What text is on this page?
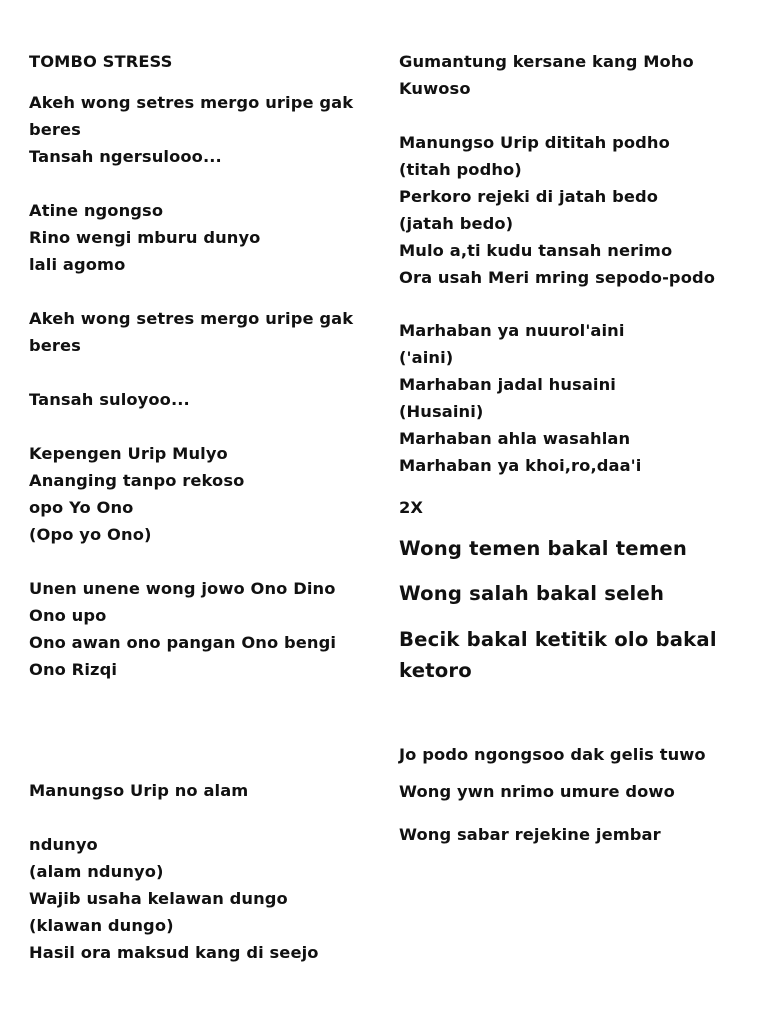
TOMBO STRESS
Akeh wong setres mergo uripe gak beres
Tansah ngersulooo...
Atine ngongso
Rino wengi mburu dunyo
lali agomo
Akeh wong setres mergo uripe gak beres
Tansah suloyoo...
Kepengen Urip Mulyo
Ananging tanpo rekoso
opo Yo Ono
(Opo yo Ono)
Unen unene wong jowo Ono Dino Ono upo
Ono awan ono pangan Ono bengi Ono Rizqi
Manungso Urip no alam
ndunyo
(alam ndunyo)
Wajib usaha kelawan dungo
(klawan dungo)
Hasil ora maksud kang di seejo
Gumantung kersane kang Moho Kuwoso
Manungso Urip dititah podho
(titah podho)
Perkoro rejeki di jatah bedo
(jatah bedo)
Mulo a,ti kudu tansah nerimo
Ora usah Meri mring sepodo-podo
Marhaban ya nuurol'aini
('aini)
Marhaban jadal husaini
(Husaini)
Marhaban ahla wasahlan
Marhaban ya khoi,ro,daa'i
2X
Wong temen bakal temen
Wong salah bakal seleh
Becik bakal ketitik olo bakal ketoro
Jo podo ngongsoo dak gelis tuwo
Wong ywn nrimo umure dowo
Wong sabar rejekine jembar
